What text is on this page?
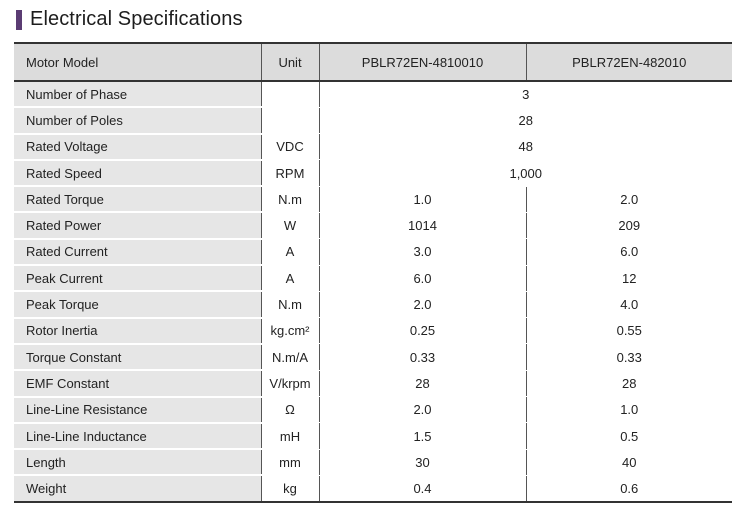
Electrical Specifications
Motor Model	Unit	PBLR72EN-4810010	PBLR72EN-482010
Number of Phase		3	
Number of Poles		28	
Rated Voltage	VDC	48	
Rated Speed	RPM	1,000	
Rated Torque	N.m	1.0	2.0
Rated Power	W	1014	209
Rated Current	A	3.0	6.0
Peak Current	A	6.0	12
Peak Torque	N.m	2.0	4.0
Rotor Inertia	kg.cm²	0.25	0.55
Torque Constant	N.m/A	0.33	0.33
EMF Constant	V/krpm	28	28
Line-Line Resistance	Ω	2.0	1.0
Line-Line Inductance	mH	1.5	0.5
Length	mm	30	40
Weight	kg	0.4	0.6
